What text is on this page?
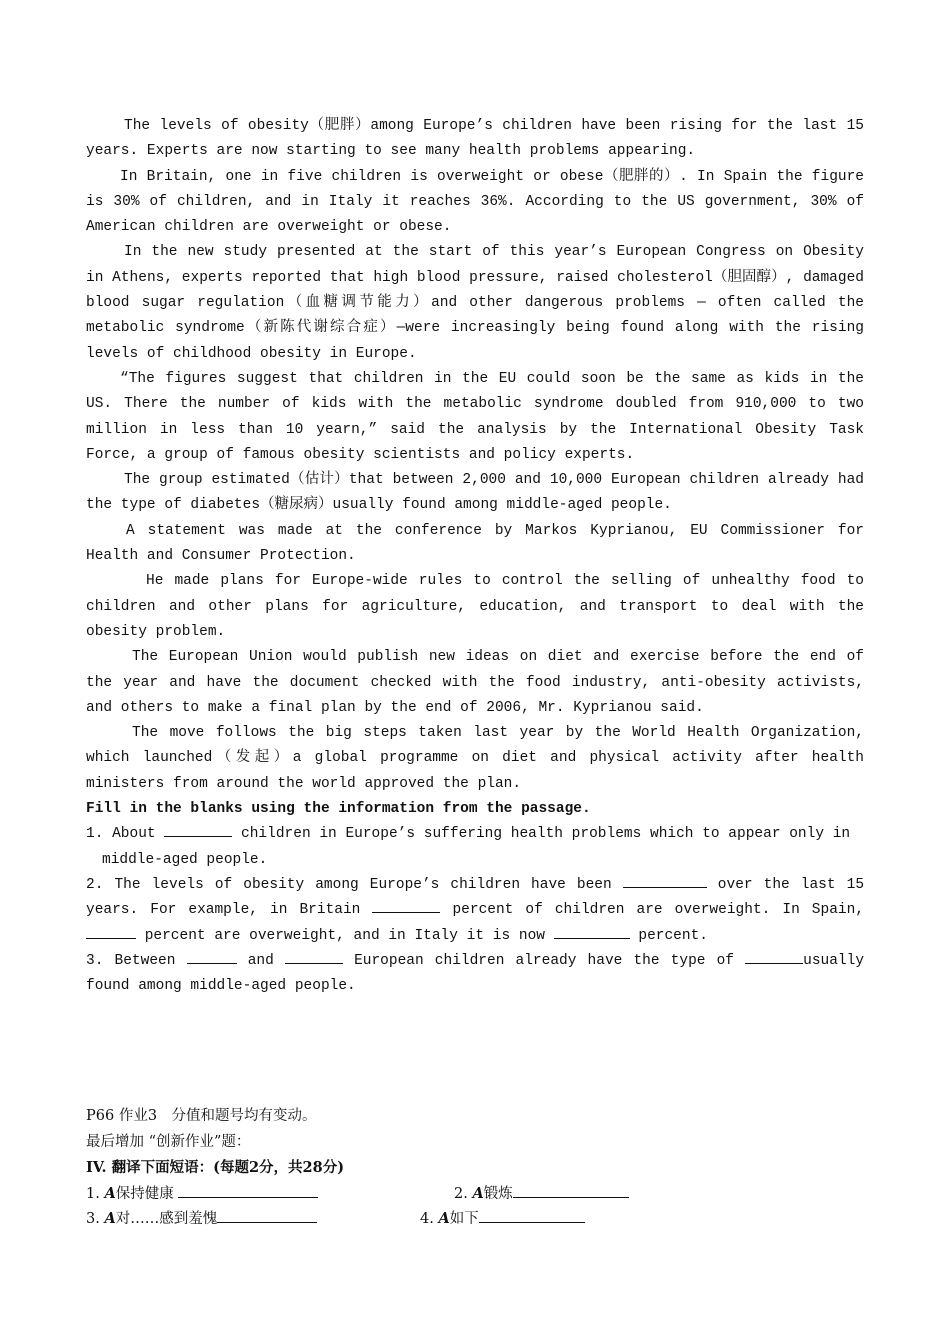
The levels of obesity（肥胖）among Europe’s children have been rising for the last 15 years. Experts are now starting to see many health problems appearing.

In Britain, one in five children is overweight or obese（肥胖的）. In Spain the figure is 30% of children, and in Italy it reaches 36%. According to the US government, 30% of American children are overweight or obese.

In the new study presented at the start of this year’s European Congress on Obesity in Athens, experts reported that high blood pressure, raised cholesterol（胆固醇）, damaged blood sugar regulation（血糖调节能力）and other dangerous problems — often called the metabolic syndrome（新陈代谢综合症）—were increasingly being found along with the rising levels of childhood obesity in Europe.

“The figures suggest that children in the EU could soon be the same as kids in the US. There the number of kids with the metabolic syndrome doubled from 910,000 to two million in less than 10 yearn,” said the analysis by the International Obesity Task Force, a group of famous obesity scientists and policy experts.

The group estimated（估计）that between 2,000 and 10,000 European children already had the type of diabetes（糖尿病）usually found among middle-aged people.

A statement was made at the conference by Markos Kyprianou, EU Commissioner for Health and Consumer Protection.

He made plans for Europe-wide rules to control the selling of unhealthy food to children and other plans for agriculture, education, and transport to deal with the obesity problem.

The European Union would publish new ideas on diet and exercise before the end of the year and have the document checked with the food industry, anti-obesity activists, and others to make a final plan by the end of 2006, Mr. Kyprianou said.

The move follows the big steps taken last year by the World Health Organization, which launched（发起）a global programme on diet and physical activity after health ministers from around the world approved the plan.

Fill in the blanks using the information from the passage.

1. About	children in Europe’s suffering health problems which to appear only in
middle-aged people.
2. The levels of obesity among Europe’s children have been	over the last 15 years. For example, in Britain	percent of children are overweight. In Spain,  percent are overweight, and in Italy it is now	percent.
3. Between	and	European children already have the type of	usually found among middle-aged people.

P66 作业3　分值和题号均有变动。

最后增加 “创新作业”题：

IV. 翻译下面短语：(每题2分，共28分)

1. A保持健康	2. A锻炼
3. A对……感到羞愧	4. A如下
